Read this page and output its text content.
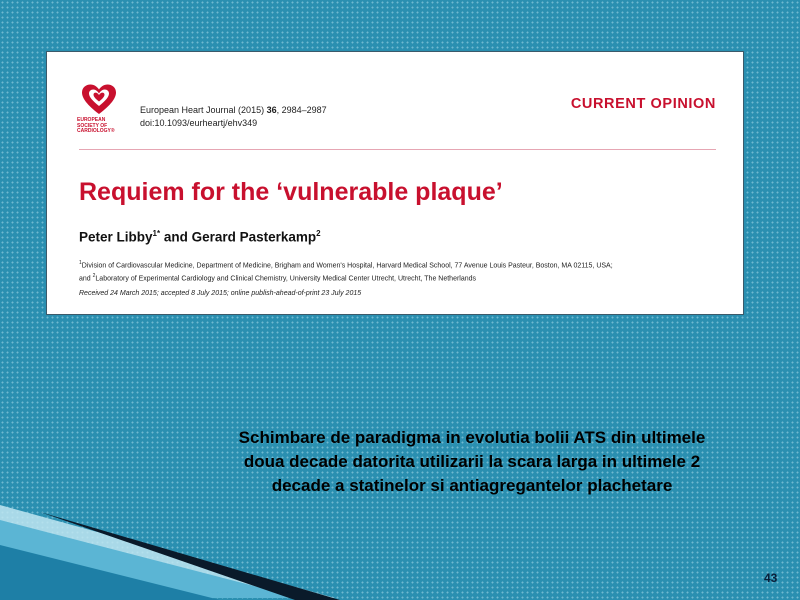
EUROPEAN
SOCIETY OF
CARDIOLOGY®
European Heart Journal (2015) 36, 2984–2987
doi:10.1093/eurheartj/ehv349
CURRENT OPINION
Requiem for the ‘vulnerable plaque’
Peter Libby$^{1*}$ and Gerard Pasterkamp$^2$
$^1$Division of Cardiovascular Medicine, Department of Medicine, Brigham and Women's Hospital, Harvard Medical School, 77 Avenue Louis Pasteur, Boston, MA 02115, USA;
and $^2$Laboratory of Experimental Cardiology and Clinical Chemistry, University Medical Center Utrecht, Utrecht, The Netherlands
Received 24 March 2015; accepted 8 July 2015; online publish-ahead-of-print 23 July 2015
Schimbare de paradigma in evolutia bolii ATS din ultimele doua decade datorita utilizarii la scara larga in ultimele 2 decade a statinelor si antiagregantelor plachetare
43
